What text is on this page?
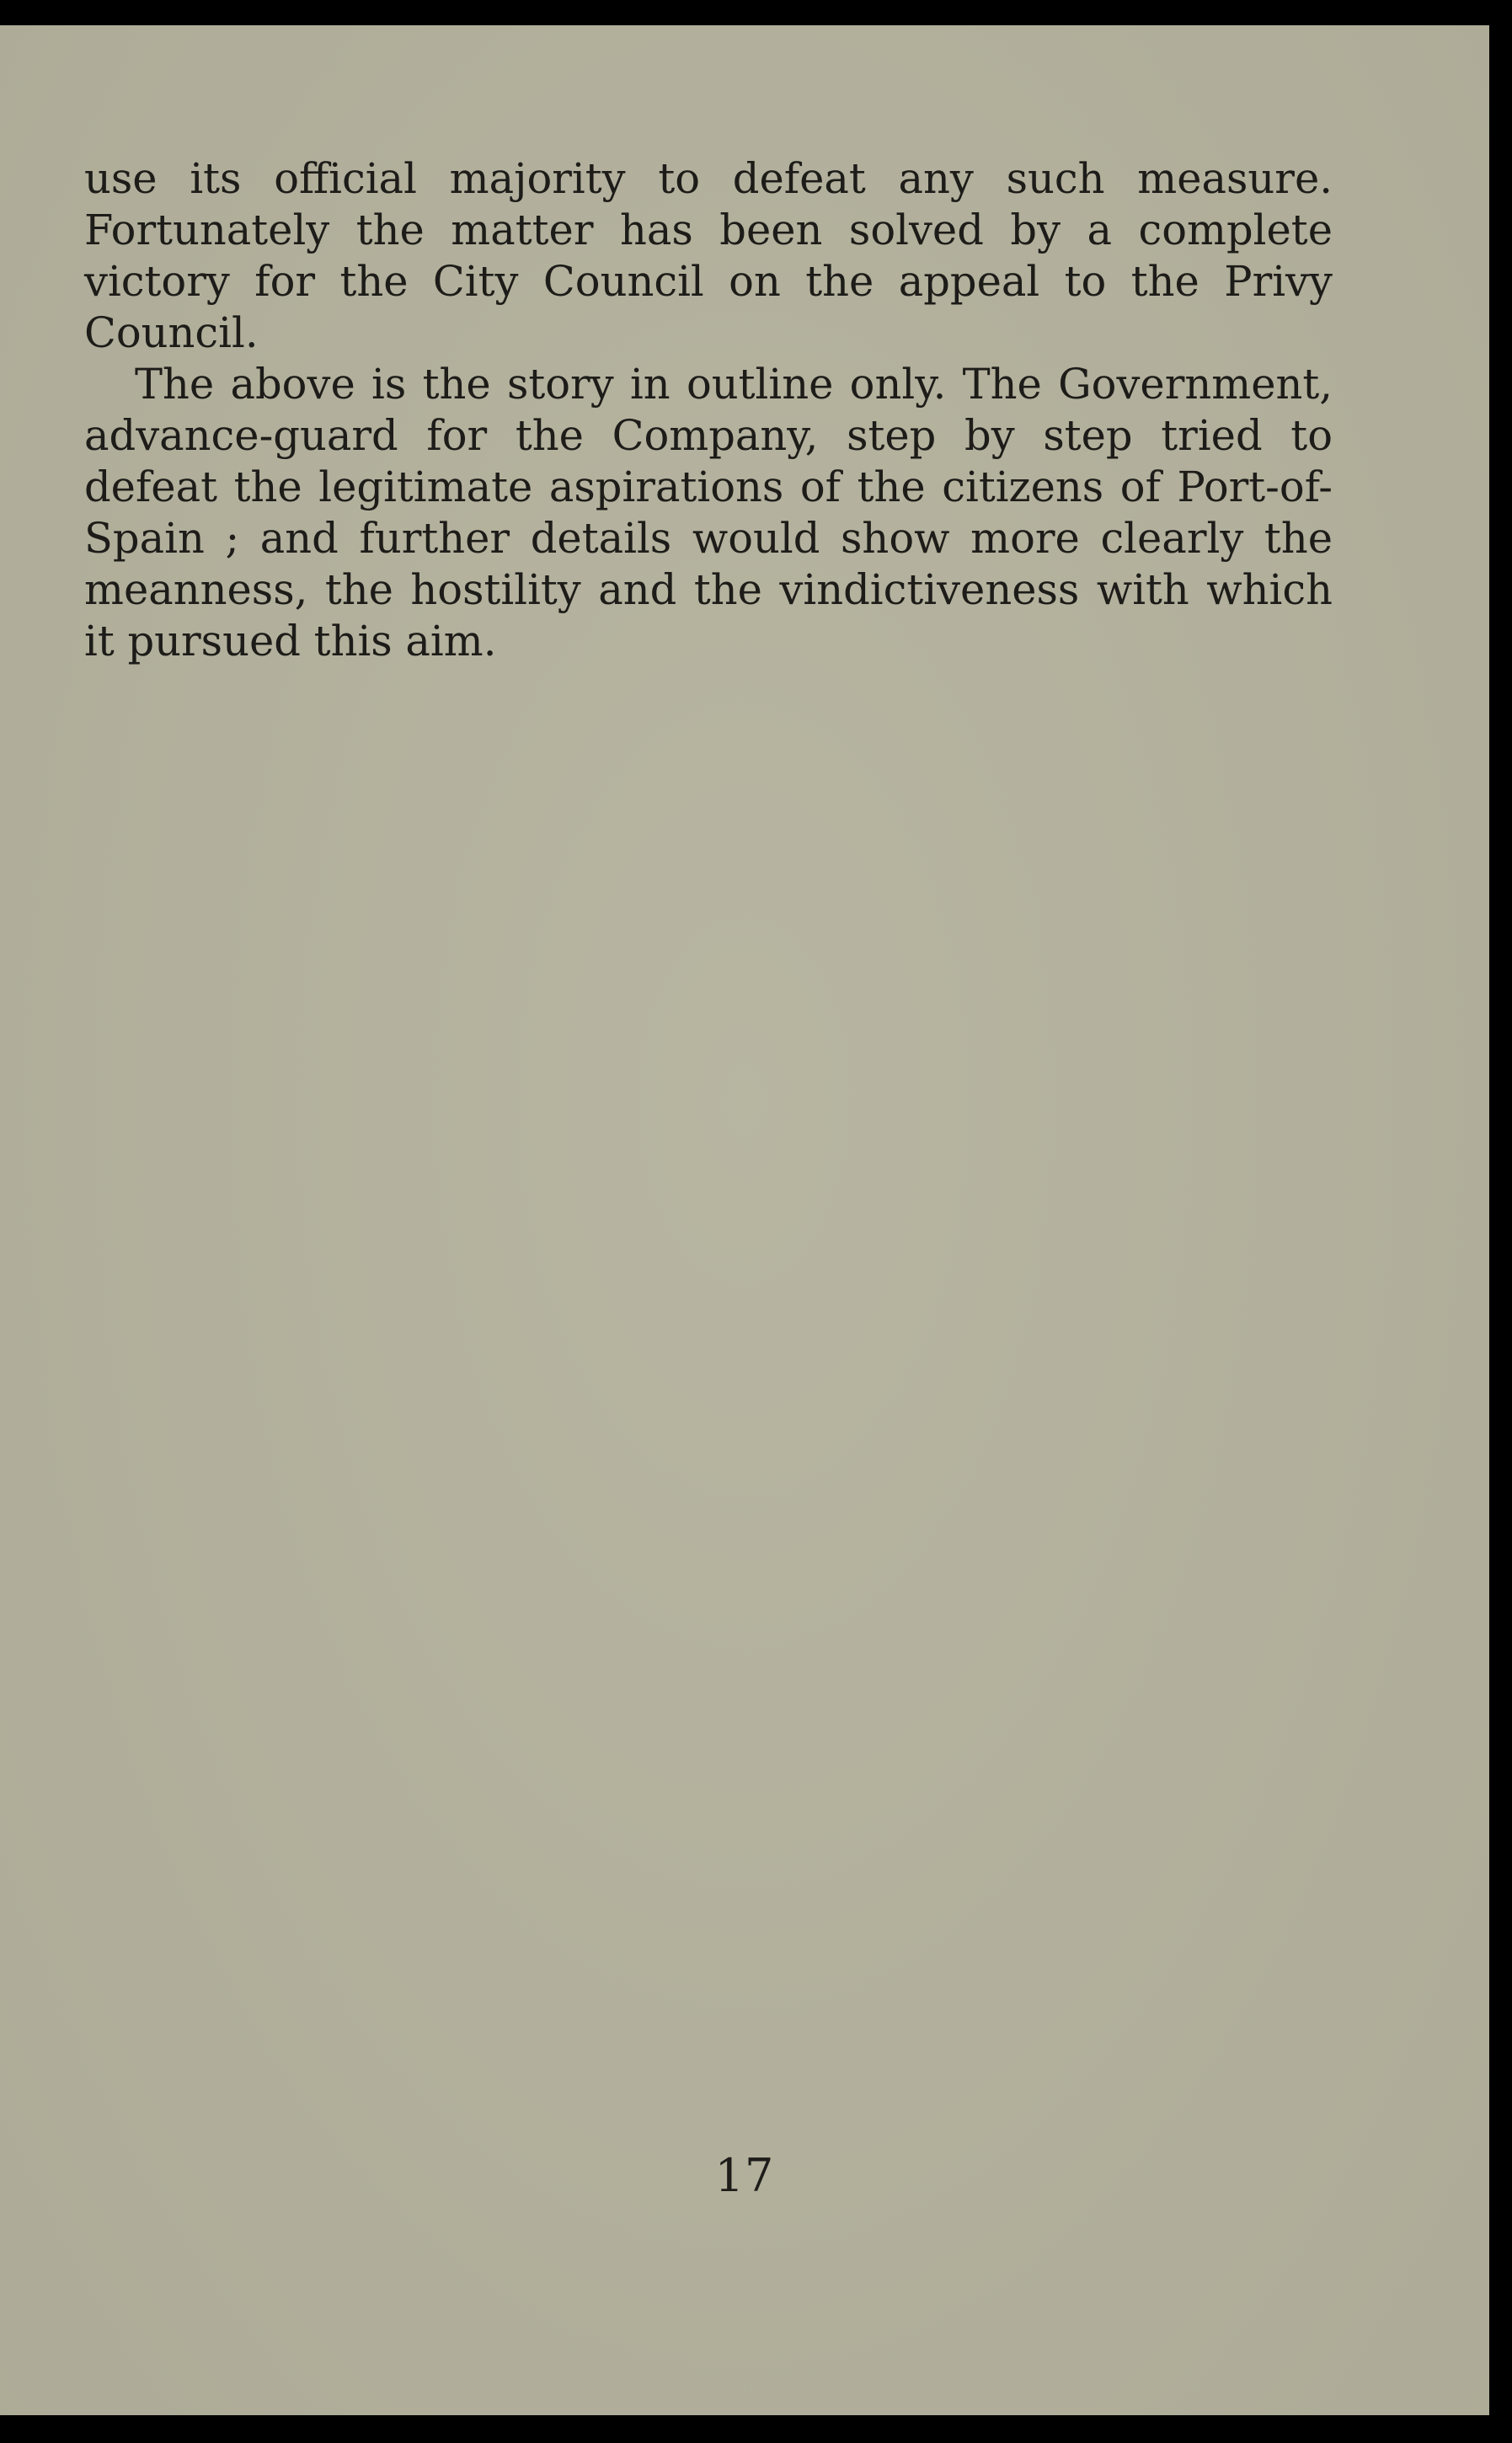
use its official majority to defeat any such measure. Fortunately the matter has been solved by a complete victory for the City Council on the appeal to the Privy Council.

The above is the story in outline only. The Government, advance-guard for the Company, step by step tried to defeat the legitimate aspirations of the citizens of Port-of-Spain ; and further details would show more clearly the meanness, the hostility and the vindictiveness with which it pursued this aim.

17
